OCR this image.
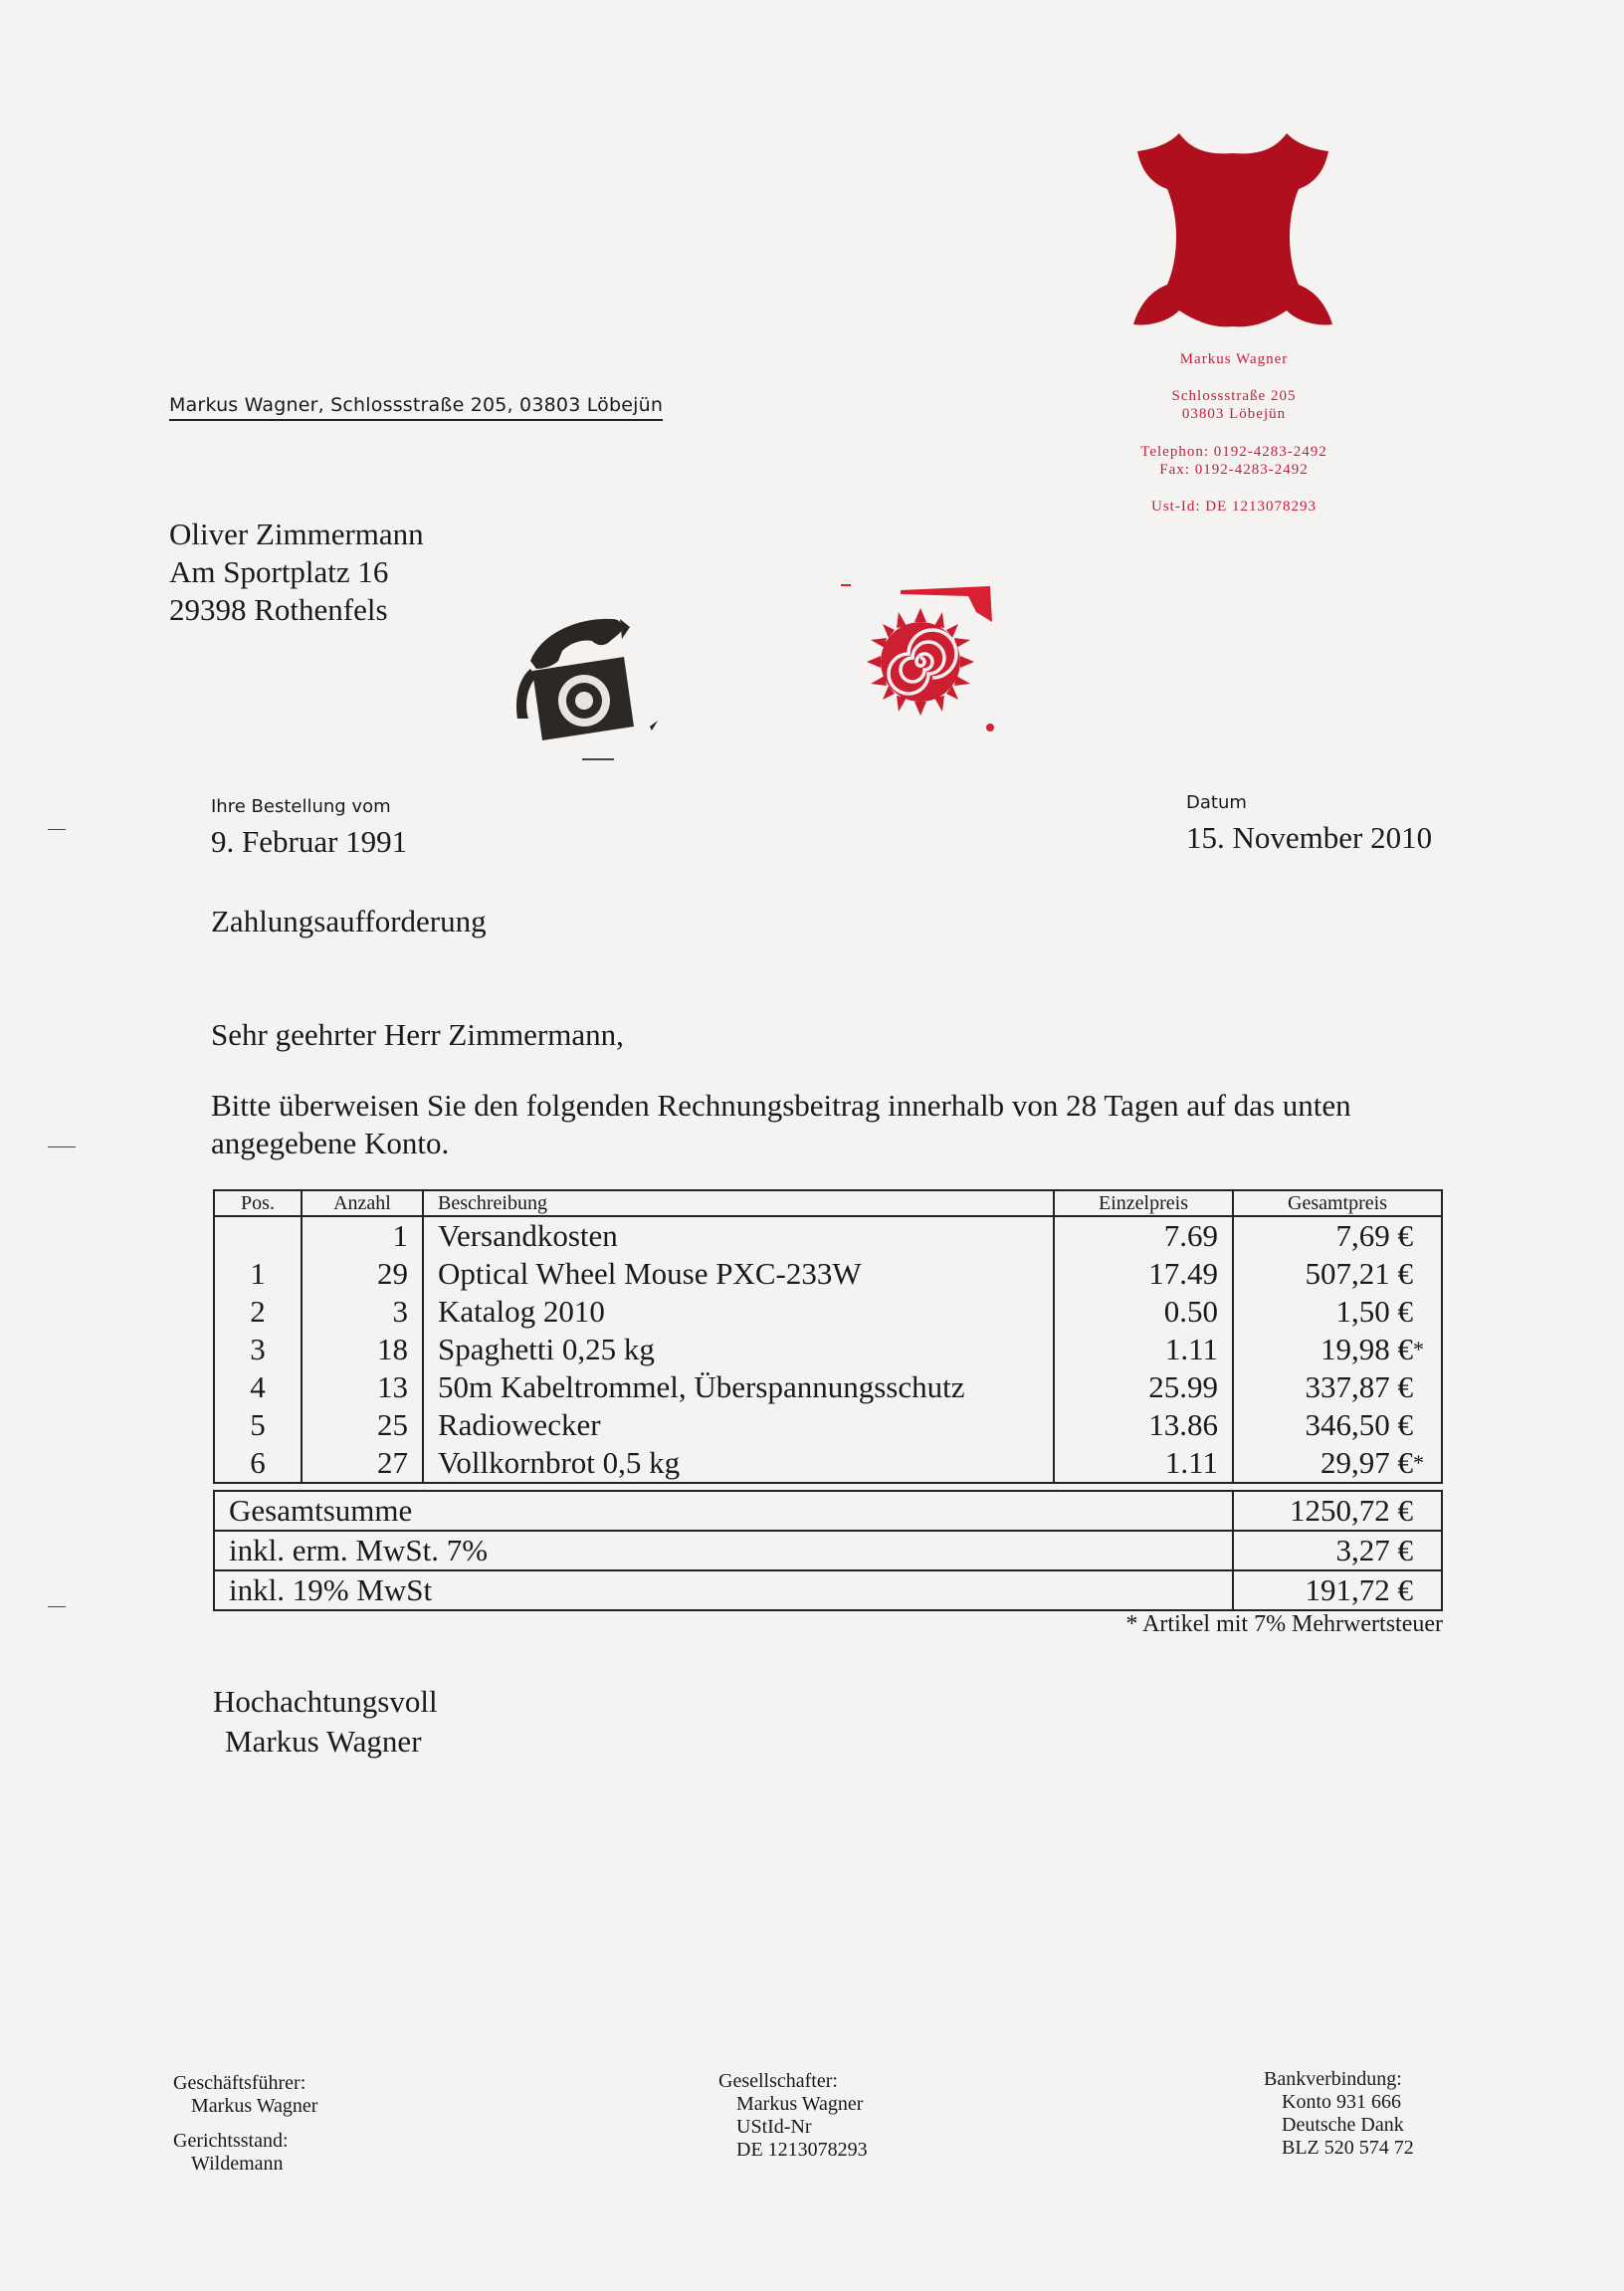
Markus Wagner, Schlossstraße 205, 03803 Löbejün
Oliver Zimmermann
Am Sportplatz 16
29398 Rothenfels
Markus Wagner
Schlossstraße 205
03803 Löbejün
Telephon: 0192-4283-2492
Fax: 0192-4283-2492
Ust-Id: DE 1213078293
Ihre Bestellung vom
9. Februar 1991
Datum
15. November 2010
Zahlungsaufforderung
Sehr geehrter Herr Zimmermann,
Bitte überweisen Sie den folgenden Rechnungsbeitrag innerhalb von 28 Tagen auf das unten angegebene Konto.
Pos.	Anzahl	Beschreibung	Einzelpreis	Gesamtpreis
	1	Versandkosten	7.69	7,69 €
1	29	Optical Wheel Mouse PXC-233W	17.49	507,21 €
2	3	Katalog 2010	0.50	1,50 €
3	18	Spaghetti 0,25 kg	1.11	19,98 €*
4	13	50m Kabeltrommel, Überspannungsschutz	25.99	337,87 €
5	25	Radiowecker	13.86	346,50 €
6	27	Vollkornbrot 0,5 kg	1.11	29,97 €*
Gesamtsumme	1250,72 €
inkl. erm. MwSt. 7%	3,27 €
inkl. 19% MwSt	191,72 €
* Artikel mit 7% Mehrwertsteuer
Hochachtungsvoll
Markus Wagner
Geschäftsführer:
Markus Wagner
Gerichtsstand:
Wildemann
Gesellschafter:
Markus Wagner
UStId-Nr
DE 1213078293
Bankverbindung:
Konto 931 666
Deutsche Dank
BLZ 520 574 72
